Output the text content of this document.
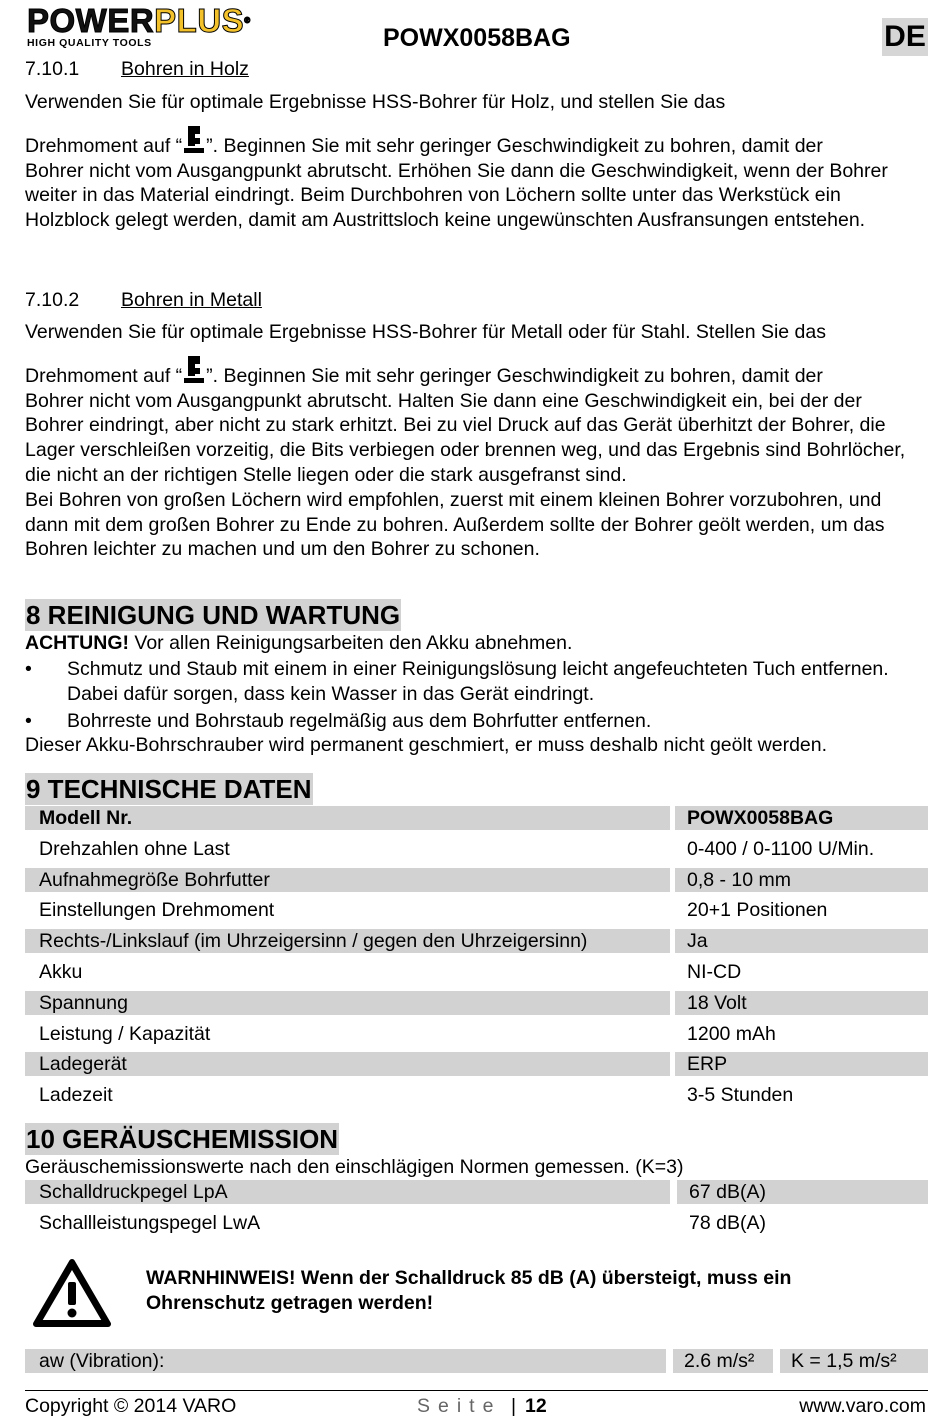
POWERPLUS®
HIGH QUALITY TOOLS	POWX0058BAG	DE
7.10.1 Bohren in Holz

Verwenden Sie für optimale Ergebnisse HSS-Bohrer für Holz, und stellen Sie das

Drehmoment auf “ ”. Beginnen Sie mit sehr geringer Geschwindigkeit zu bohren, damit der

Bohrer nicht vom Ausgangpunkt abrutscht. Erhöhen Sie dann die Geschwindigkeit, wenn der Bohrer weiter in das Material eindringt. Beim Durchbohren von Löchern sollte unter das Werkstück ein Holzblock gelegt werden, damit am Austrittsloch keine ungewünschten Ausfransungen entstehen.

7.10.2 Bohren in Metall

Verwenden Sie für optimale Ergebnisse HSS-Bohrer für Metall oder für Stahl. Stellen Sie das

Drehmoment auf “ ”. Beginnen Sie mit sehr geringer Geschwindigkeit zu bohren, damit der

Bohrer nicht vom Ausgangpunkt abrutscht. Halten Sie dann eine Geschwindigkeit ein, bei der der Bohrer eindringt, aber nicht zu stark erhitzt. Bei zu viel Druck auf das Gerät überhitzt der Bohrer, die Lager verschleißen vorzeitig, die Bits verbiegen oder brennen weg, und das Ergebnis sind Bohrlöcher, die nicht an der richtigen Stelle liegen oder die stark ausgefranst sind.

Bei Bohren von großen Löchern wird empfohlen, zuerst mit einem kleinen Bohrer vorzubohren, und dann mit dem großen Bohrer zu Ende zu bohren. Außerdem sollte der Bohrer geölt werden, um das Bohren leichter zu machen und um den Bohrer zu schonen.

8 REINIGUNG UND WARTUNG
ACHTUNG! Vor allen Reinigungsarbeiten den Akku abnehmen.
•	Schmutz und Staub mit einem in einer Reinigungslösung leicht angefeuchteten Tuch entfernen. Dabei dafür sorgen, dass kein Wasser in das Gerät eindringt.
•	Bohrreste und Bohrstaub regelmäßig aus dem Bohrfutter entfernen.
Dieser Akku-Bohrschrauber wird permanent geschmiert, er muss deshalb nicht geölt werden.
9 TECHNISCHE DATEN
Modell Nr.	POWX0058BAG
Drehzahlen ohne Last	0-400 / 0-1100 U/Min.
Aufnahmegröße Bohrfutter	0,8 - 10 mm
Einstellungen Drehmoment	20+1 Positionen
Rechts-/Linkslauf (im Uhrzeigersinn / gegen den Uhrzeigersinn)	Ja
Akku	NI-CD
Spannung	18 Volt
Leistung / Kapazität	1200 mAh
Ladegerät	ERP
Ladezeit	3-5 Stunden
10 GERÄUSCHEMISSION
Geräuschemissionswerte nach den einschlägigen Normen gemessen. (K=3)
Schalldruckpegel LpA	67 dB(A)
Schallleistungspegel LwA	78 dB(A)
WARNHINWEIS! Wenn der Schalldruck 85 dB (A) übersteigt, muss ein Ohrenschutz getragen werden!
aw (Vibration):	2.6 m/s²	K = 1,5 m/s²
Copyright © 2014 VARO	Seite | 12	www.varo.com
